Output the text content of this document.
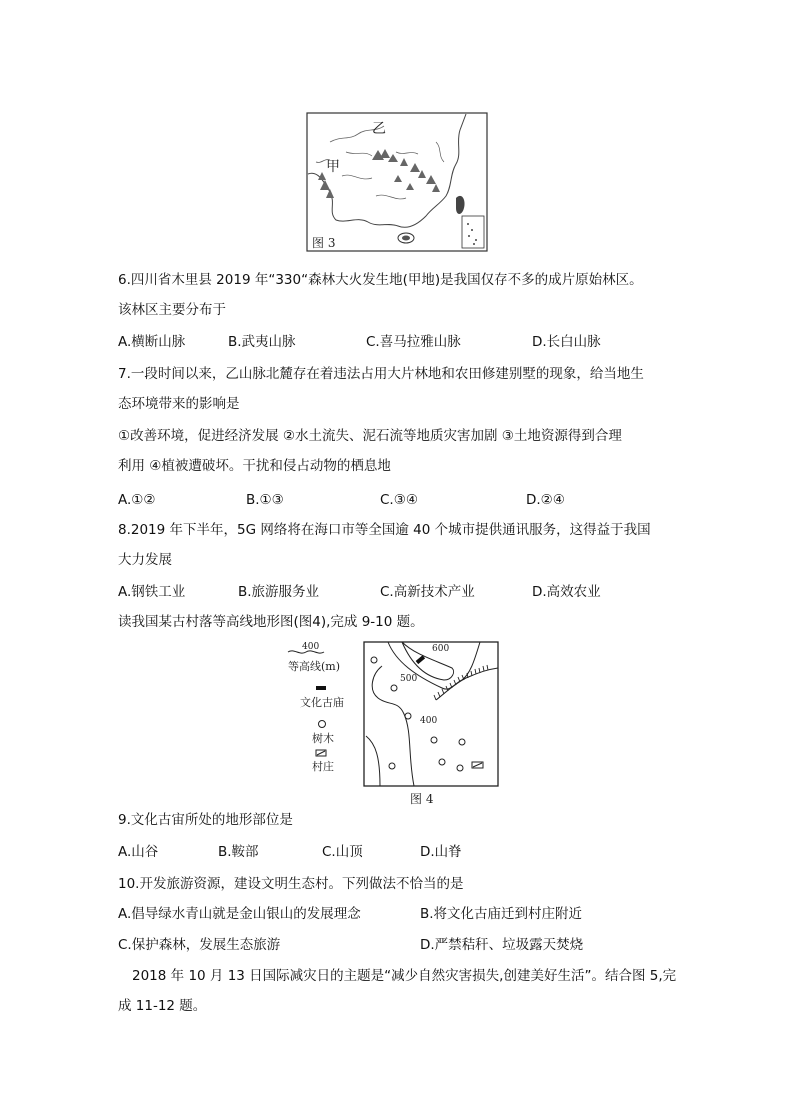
乙
甲
图 3
6.四川省木里县 2019 年“330“森林大火发生地(甲地)是我国仅存不多的成片原始林区。
该林区主要分布于
A.横断山脉	B.武夷山脉	C.喜马拉雅山脉	D.长白山脉
7.一段时间以来，乙山脉北麓存在着违法占用大片林地和农田修建别墅的现象，给当地生
态环境带来的影响是
①改善环境，促进经济发展 ②水土流失、泥石流等地质灾害加剧 ③土地资源得到合理
利用 ④植被遭破坏。干扰和侵占动物的栖息地
A.①②	B.①③	C.③④	D.②④
8.2019 年下半年，5G 网络将在海口市等全国逾 40 个城市提供通讯服务，这得益于我国
大力发展
A.钢铁工业	B.旅游服务业	C.高新技术产业	D.高效农业
读我国某古村落等高线地形图(图4),完成 9-10 题。
400
等高线(m)
文化古庙
树木
村庄
600
500
400
图 4
9.文化古宙所处的地形部位是
A.山谷	B.鞍部	C.山顶	D.山脊
10.开发旅游资源，建设文明生态村。下列做法不恰当的是
A.倡导绿水青山就是金山银山的发展理念	B.将文化古庙迁到村庄附近
C.保护森林，发展生态旅游	D.严禁秸秆、垃圾露天焚烧
2018 年 10 月 13 日国际减灾日的主题是“减少自然灾害损失,创建美好生活”。结合图 5,完
成 11-12 题。
